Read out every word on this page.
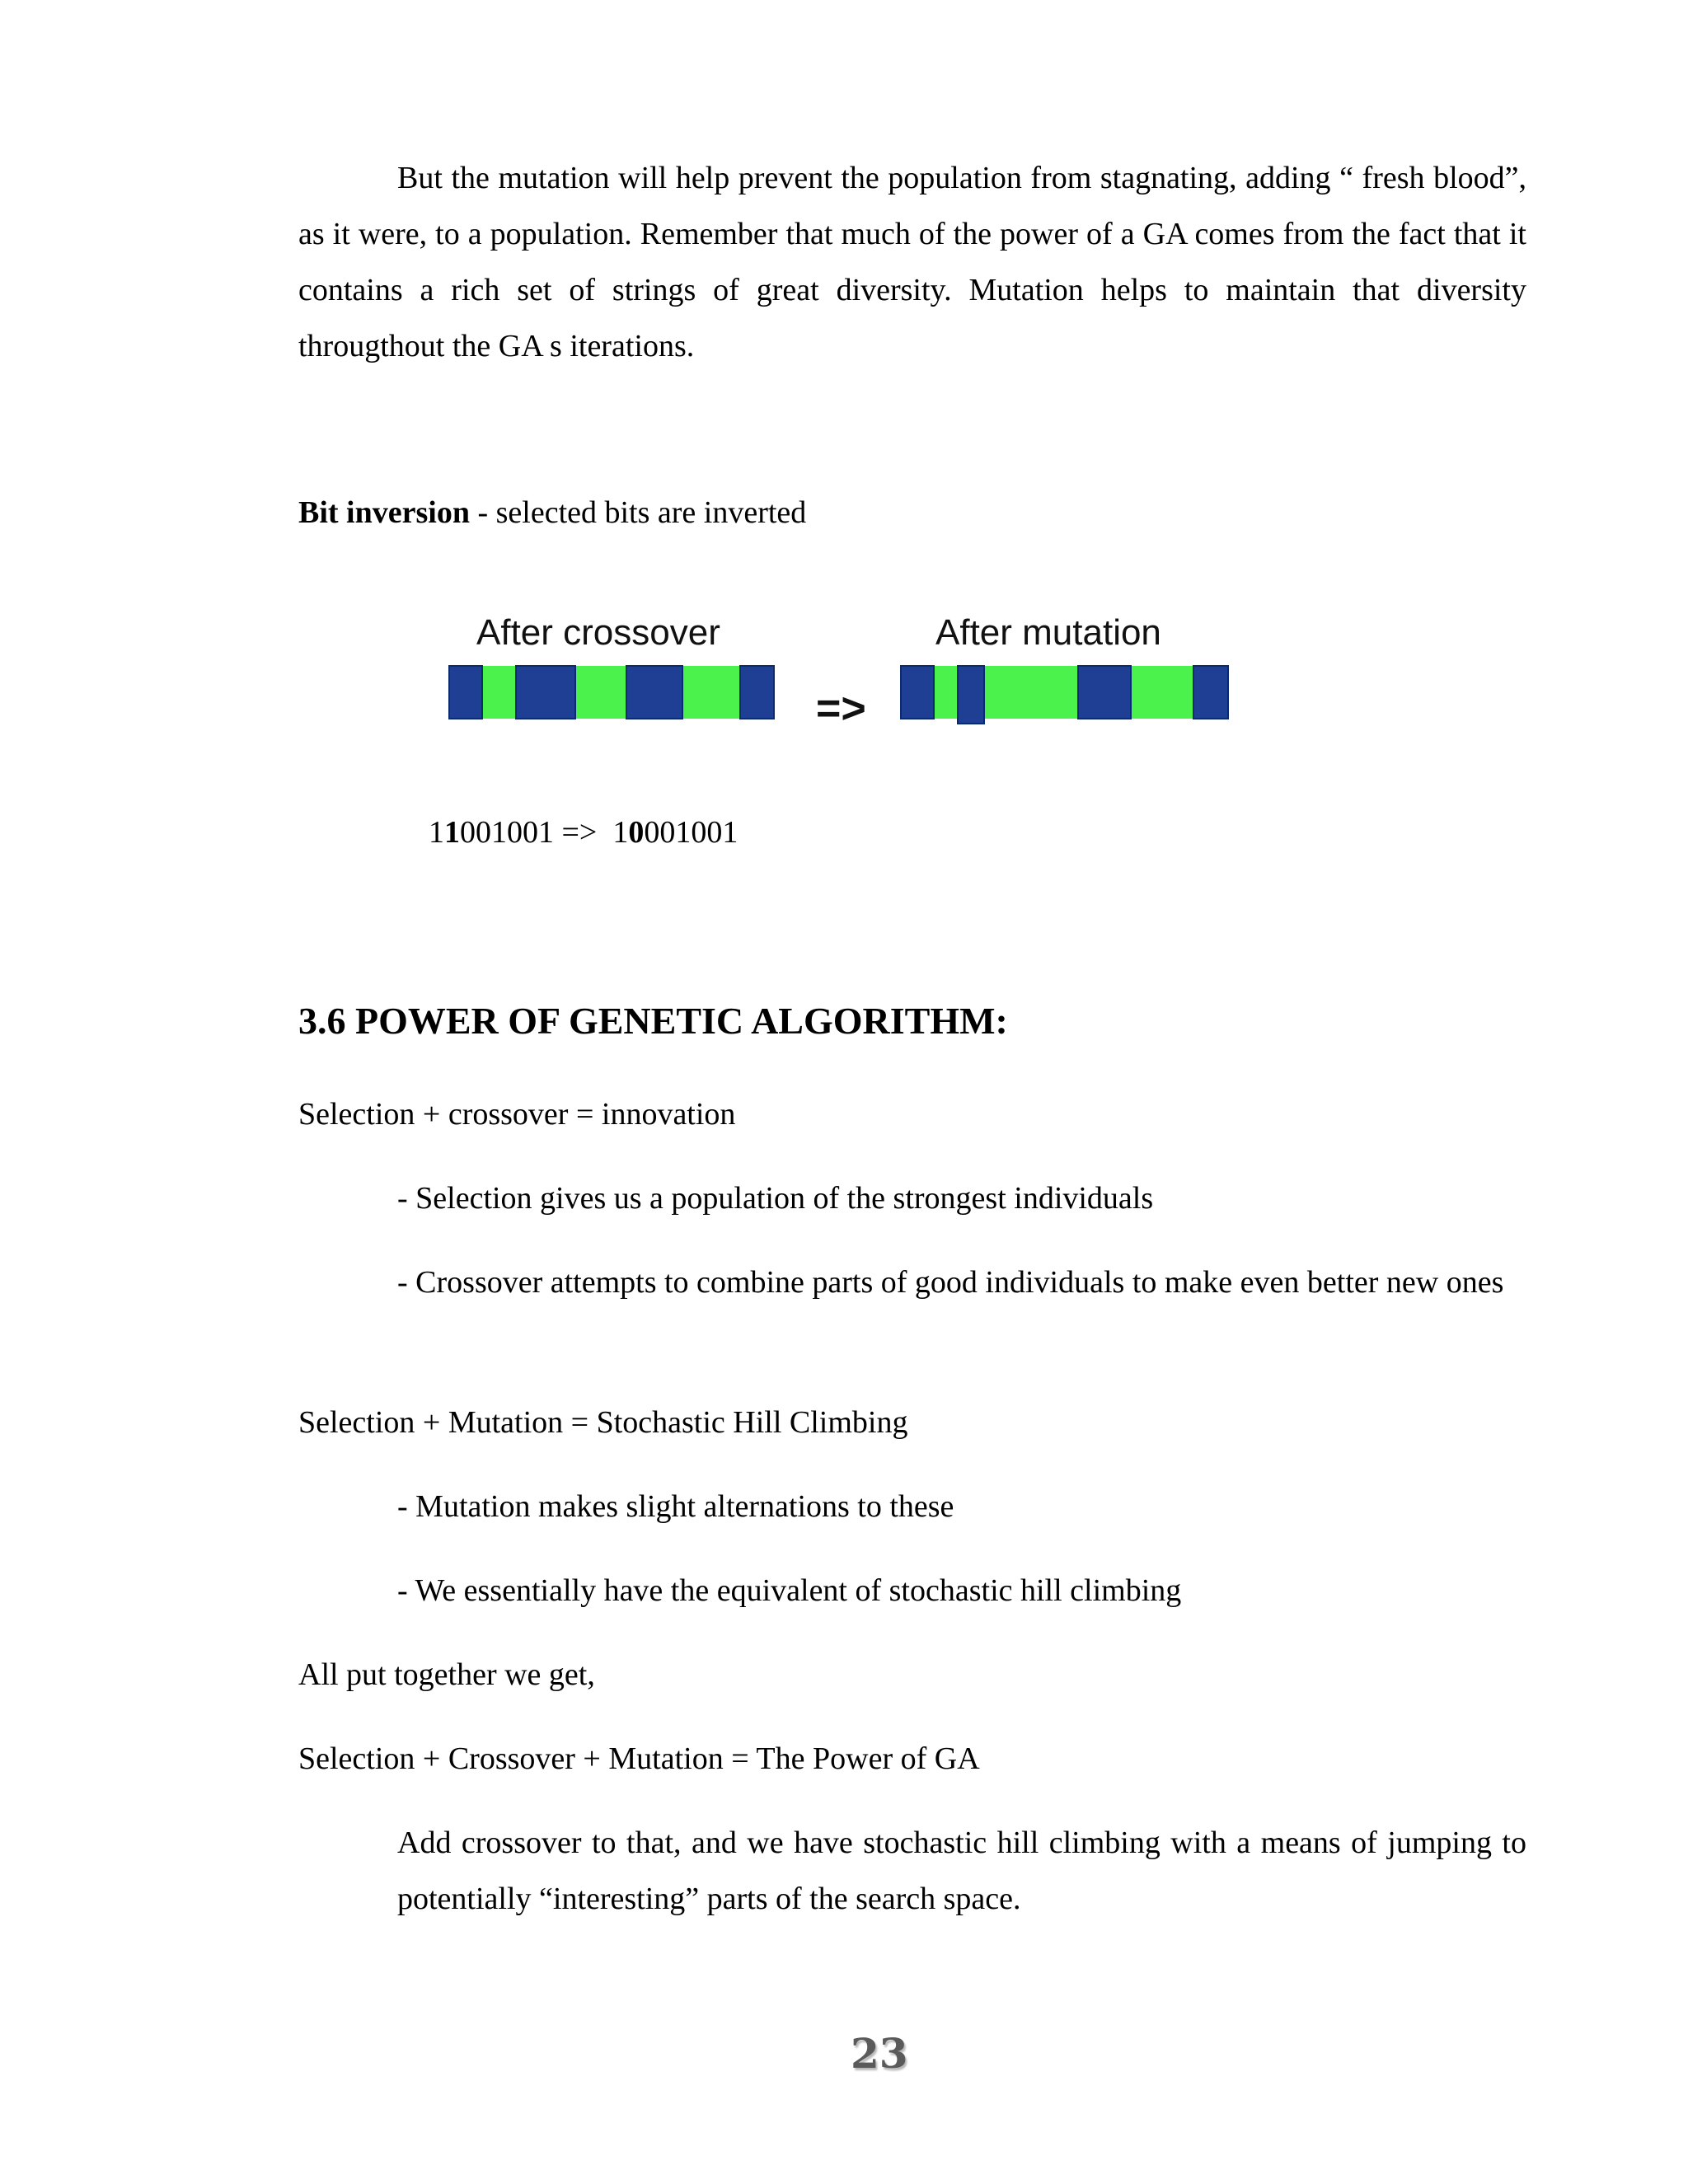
But the mutation will help prevent the population from stagnating, adding “ fresh blood”, as it were, to a population. Remember that much of the power of a GA comes from the fact that it contains a rich set of strings of great diversity. Mutation helps to maintain that diversity througthout the GA s iterations.

Bit inversion - selected bits are inverted

After crossover	After mutation
=>

11001001 =>  10001001

3.6 POWER OF GENETIC ALGORITHM:

Selection + crossover = innovation

- Selection gives us a population of the strongest individuals

- Crossover attempts to combine parts of good individuals to make even better new ones

Selection + Mutation = Stochastic Hill Climbing

- Mutation makes slight alternations to these

- We essentially have the equivalent of stochastic hill climbing

All put together we get,

Selection + Crossover + Mutation = The Power of GA

Add crossover to that, and we have stochastic hill climbing with a means of jumping to potentially “interesting” parts of the search space.

23
